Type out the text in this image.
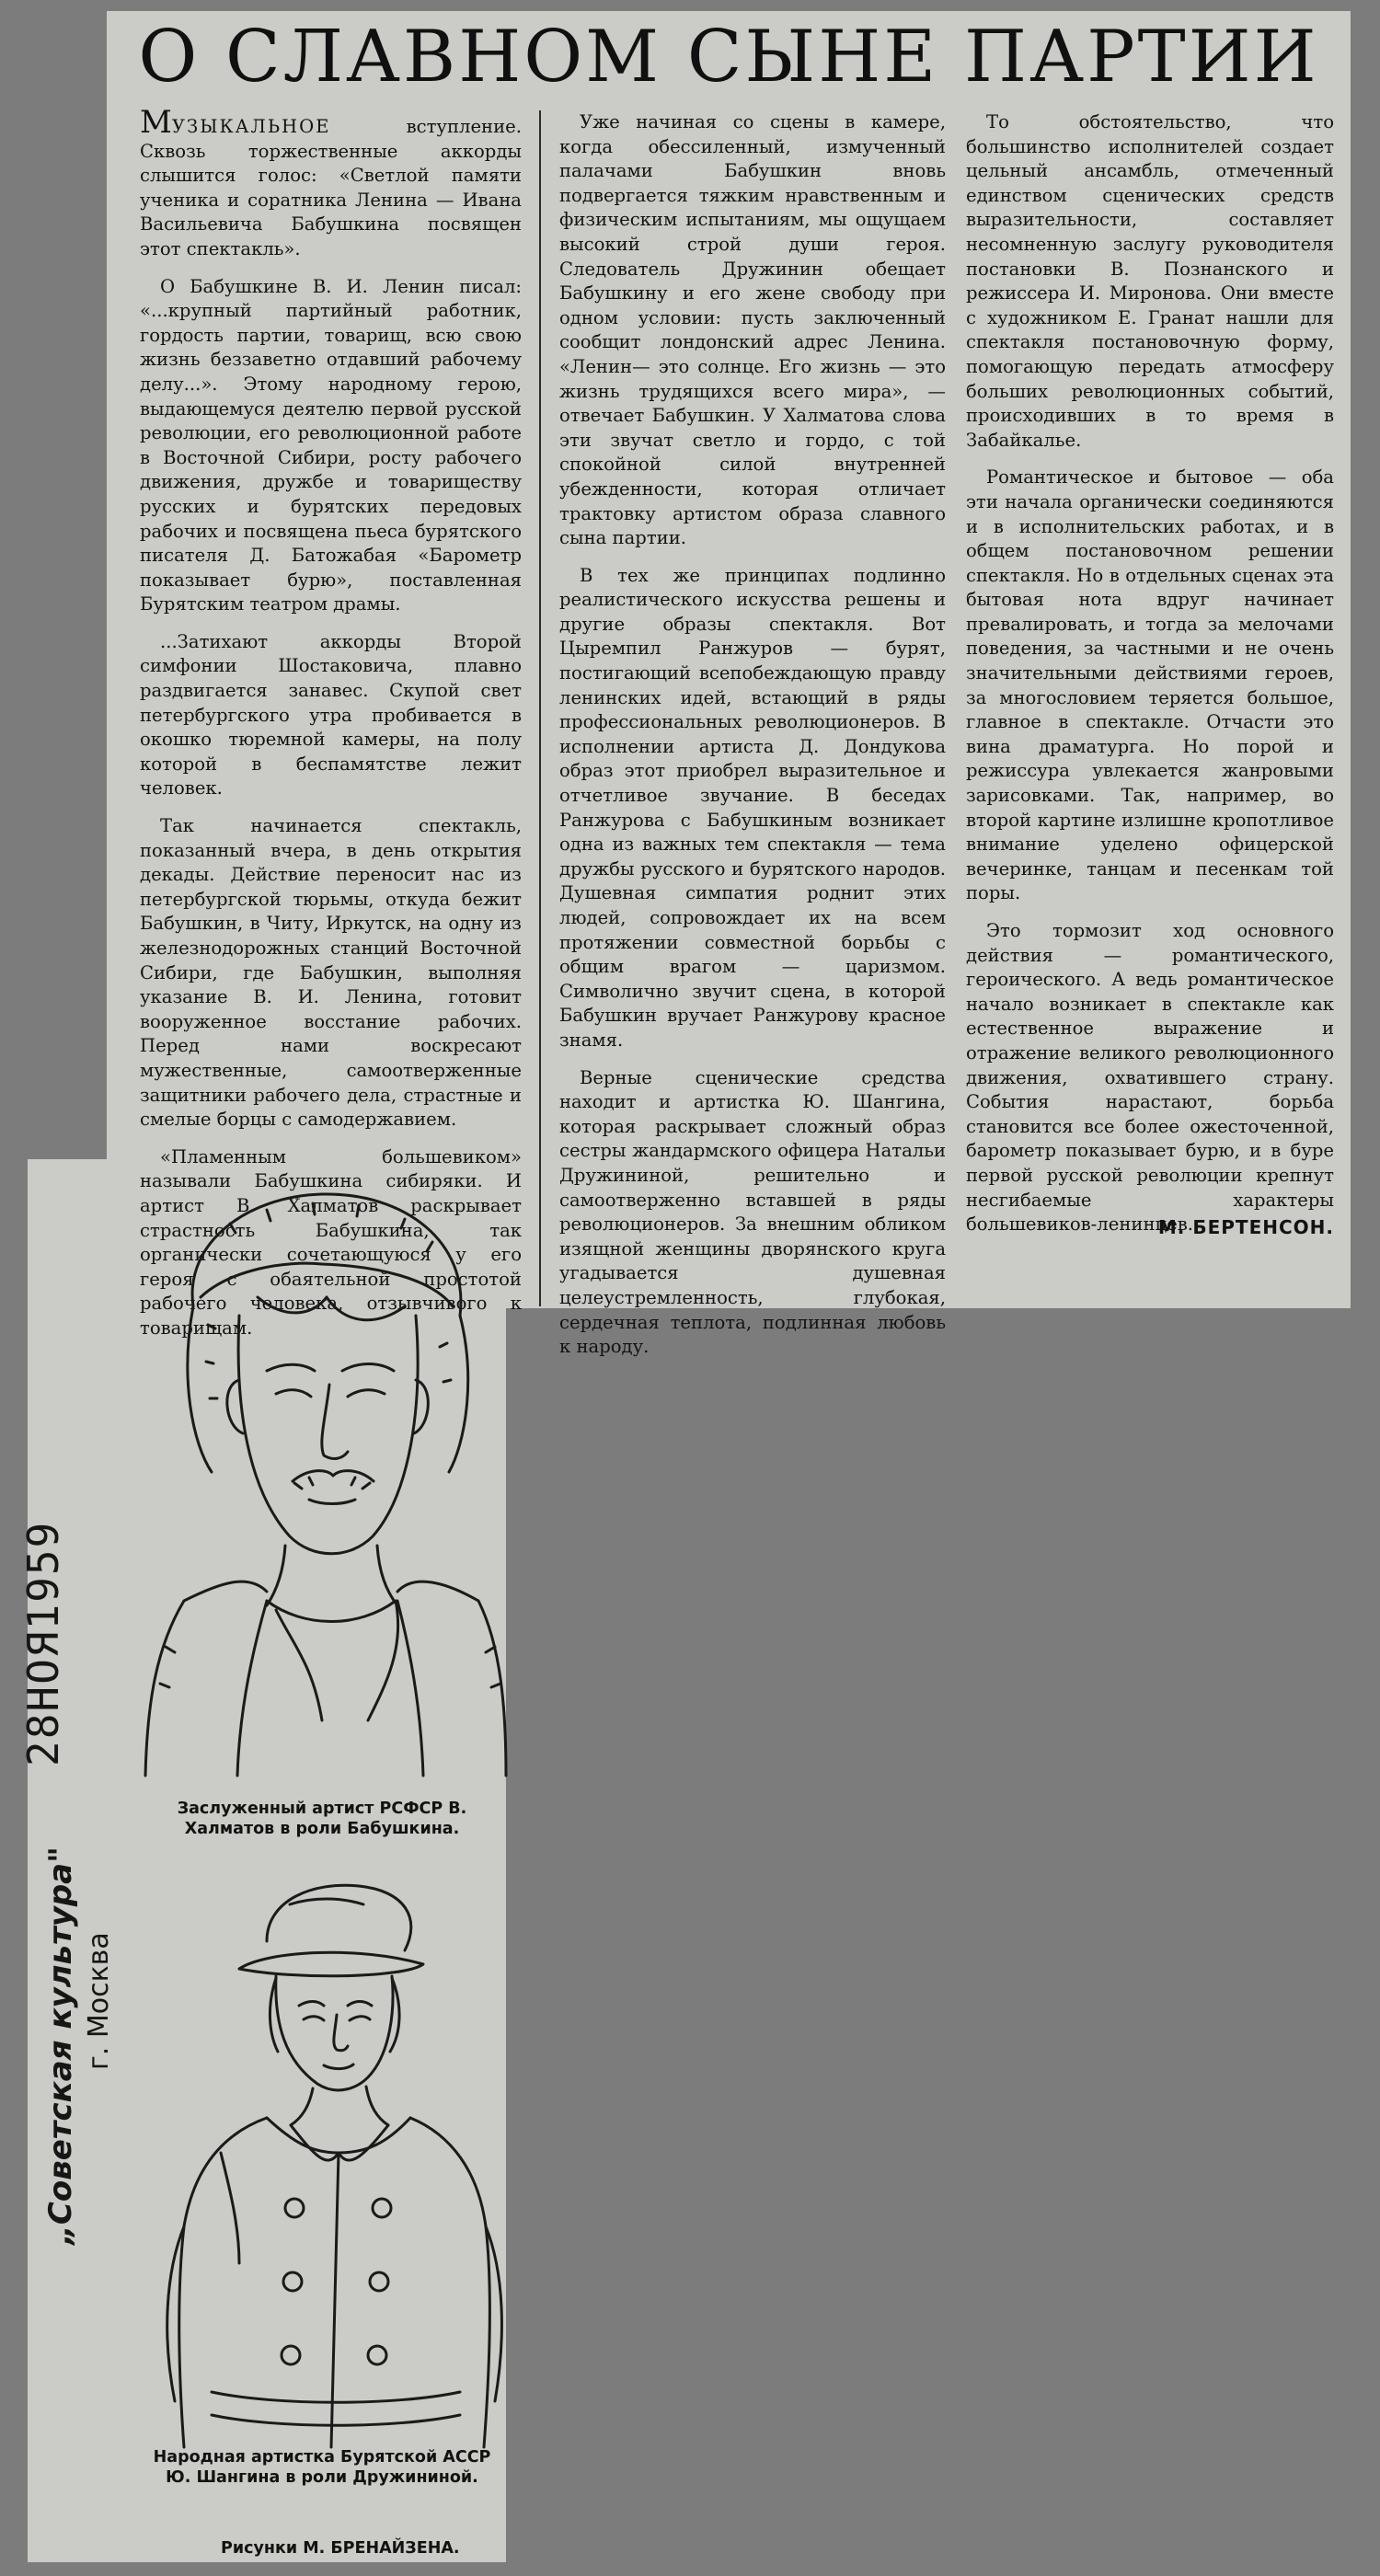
О СЛАВНОМ СЫНЕ ПАРТИИ

МУЗЫКАЛЬНОЕ вступление. Сквозь торжественные аккорды слышится голос: «Светлой памяти ученика и соратника Ленина — Ивана Васильевича Бабушкина посвящен этот спектакль».

О Бабушкине В. И. Ленин писал: «...крупный партийный работник, гордость партии, товарищ, всю свою жизнь беззаветно отдавший рабочему делу...». Этому народному герою, выдающемуся деятелю первой русской революции, его революционной работе в Восточной Сибири, росту рабочего движения, дружбе и товариществу русских и бурятских передовых рабочих и посвящена пьеса бурятского писателя Д. Батожабая «Барометр показывает бурю», поставленная Бурятским театром драмы.

...Затихают аккорды Второй симфонии Шостаковича, плавно раздвигается занавес. Скупой свет петербургского утра пробивается в окошко тюремной камеры, на полу которой в беспамятстве лежит человек.

Так начинается спектакль, показанный вчера, в день открытия декады. Действие переносит нас из петербургской тюрьмы, откуда бежит Бабушкин, в Читу, Иркутск, на одну из железнодорожных станций Восточной Сибири, где Бабушкин, выполняя указание В. И. Ленина, готовит вооруженное восстание рабочих. Перед нами воскресают мужественные, самоотверженные защитники рабочего дела, страстные и смелые борцы с самодержавием.

«Пламенным большевиком» называли Бабушкина сибиряки. И артист В. Халматов раскрывает страстность Бабушкина, так органически сочетающуюся у его героя с обаятельной простотой рабочего человека, отзывчивого к товарищам.

Уже начиная со сцены в камере, когда обессиленный, измученный палачами Бабушкин вновь подвергается тяжким нравственным и физическим испытаниям, мы ощущаем высокий строй души героя. Следователь Дружинин обещает Бабушкину и его жене свободу при одном условии: пусть заключенный сообщит лондонский адрес Ленина. «Ленин— это солнце. Его жизнь — это жизнь трудящихся всего мира», — отвечает Бабушкин. У Халматова слова эти звучат светло и гордо, с той спокойной силой внутренней убежденности, которая отличает трактовку артистом образа славного сына партии.

В тех же принципах подлинно реалистического искусства решены и другие образы спектакля. Вот Цыремпил Ранжуров — бурят, постигающий всепобеждающую правду ленинских идей, встающий в ряды профессиональных революционеров. В исполнении артиста Д. Дондукова образ этот приобрел выразительное и отчетливое звучание. В беседах Ранжурова с Бабушкиным возникает одна из важных тем спектакля — тема дружбы русского и бурятского народов. Душевная симпатия роднит этих людей, сопровождает их на всем протяжении совместной борьбы с общим врагом — царизмом. Символично звучит сцена, в которой Бабушкин вручает Ранжурову красное знамя.

Верные сценические средства находит и артистка Ю. Шангина, которая раскрывает сложный образ сестры жандармского офицера Натальи Дружининой, решительно и самоотверженно вставшей в ряды революционеров. За внешним обликом изящной женщины дворянского круга угадывается душевная целеустремленность, глубокая, сердечная теплота, подлинная любовь к народу.

То обстоятельство, что большинство исполнителей создает цельный ансамбль, отмеченный единством сценических средств выразительности, составляет несомненную заслугу руководителя постановки В. Познанского и режиссера И. Миронова. Они вместе с художником Е. Гранат нашли для спектакля постановочную форму, помогающую передать атмосферу больших революционных событий, происходивших в то время в Забайкалье.

Романтическое и бытовое — оба эти начала органически соединяются и в исполнительских работах, и в общем постановочном решении спектакля. Но в отдельных сценах эта бытовая нота вдруг начинает превалировать, и тогда за мелочами поведения, за частными и не очень значительными действиями героев, за многословием теряется большое, главное в спектакле. Отчасти это вина драматурга. Но порой и режиссура увлекается жанровыми зарисовками. Так, например, во второй картине излишне кропотливое внимание уделено офицерской вечеринке, танцам и песенкам той поры.

Это тормозит ход основного действия — романтического, героического. А ведь романтическое начало возникает в спектакле как естественное выражение и отражение великого революционного движения, охватившего страну. События нарастают, борьба становится все более ожесточенной, барометр показывает бурю, и в буре первой русской революции крепнут несгибаемые характеры большевиков-ленинцев.

М. БЕРТЕНСОН.
Заслуженный артист РСФСР В. Халматов в роли Бабушкина.
Народная артистка Бурятской АССР Ю. Шангина в роли Дружининой.
Рисунки М. БРЕНАЙЗЕНА.
28НОЯ1959
„Советская культура" г. Москва
